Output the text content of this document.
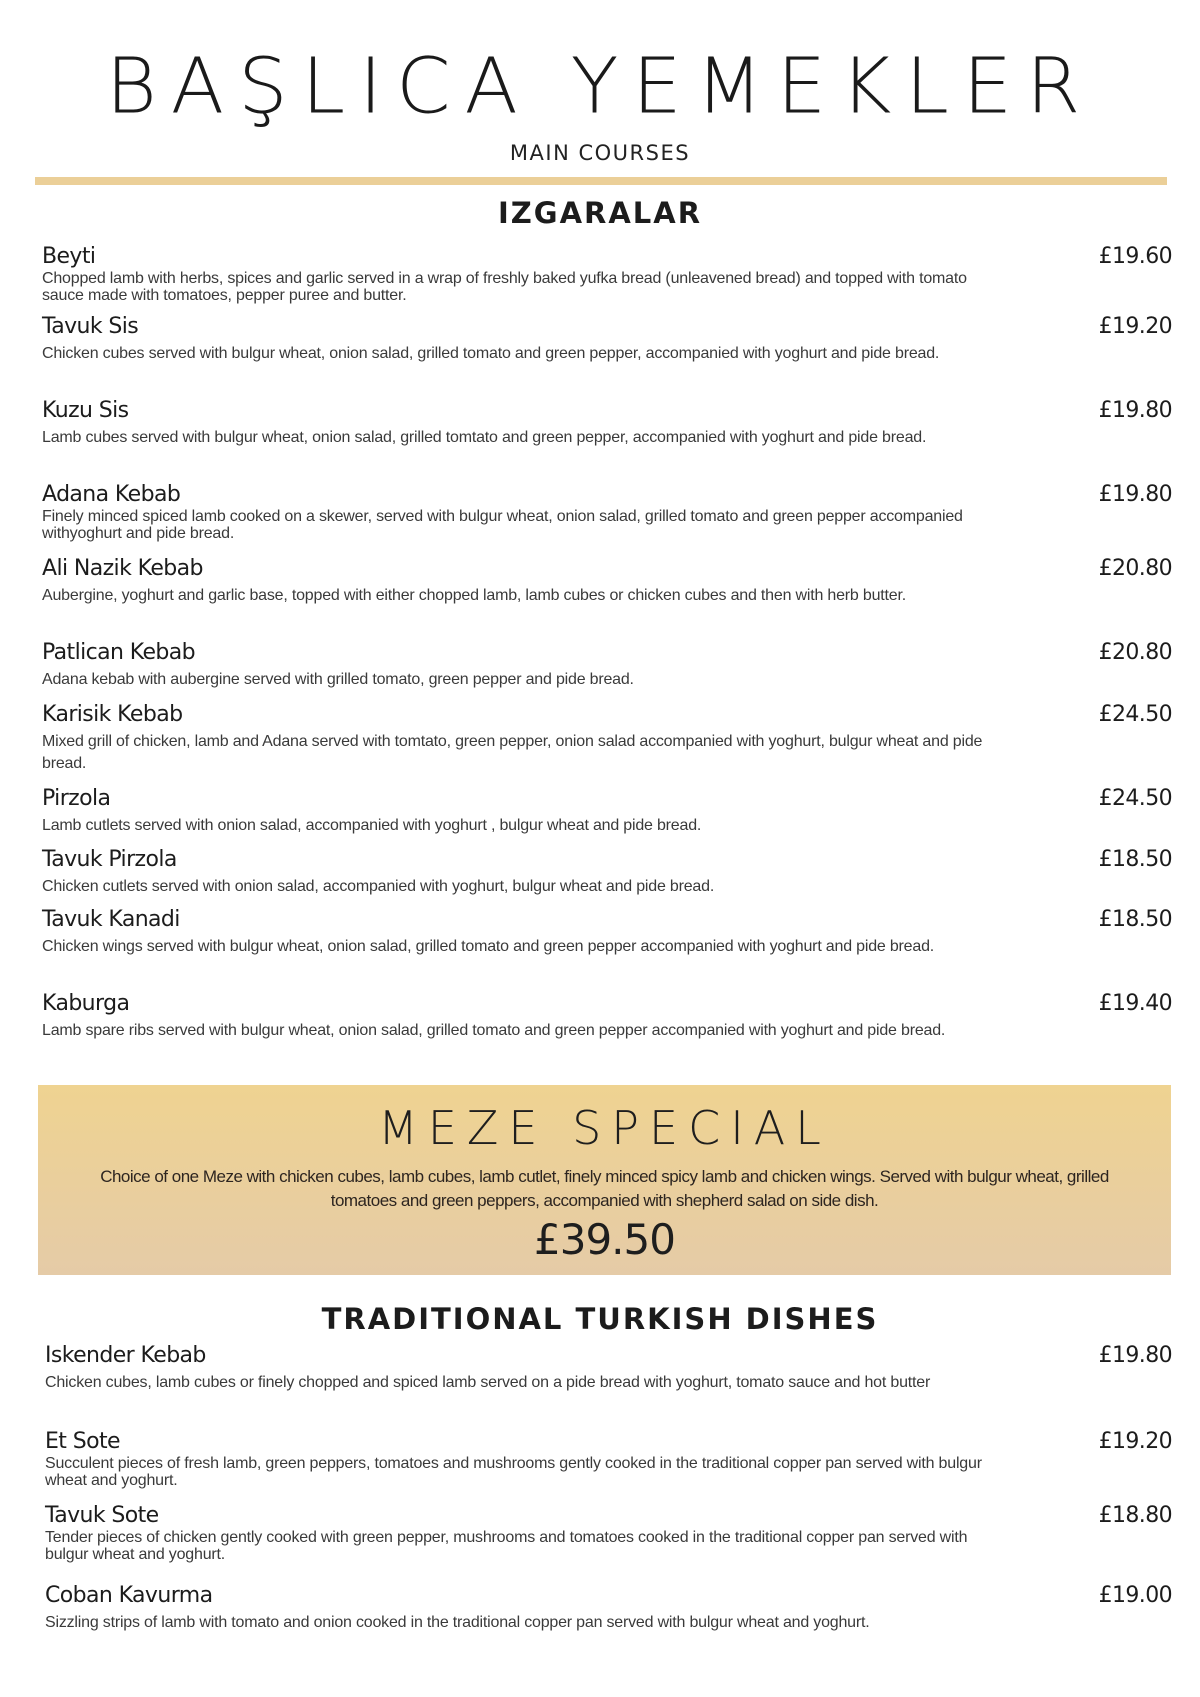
BAŞLICA YEMEKLER
MAIN COURSES
IZGARALAR
Beyti
Chopped lamb with herbs, spices and garlic served in a wrap of freshly baked yufka bread (unleavened bread) and topped with tomato sauce made with tomatoes, pepper puree and butter.
£19.60
Tavuk Sis
Chicken cubes served with bulgur wheat, onion salad, grilled tomato and green pepper, accompanied with yoghurt and pide bread.
£19.20
Kuzu Sis
Lamb cubes served with bulgur wheat, onion salad, grilled tomtato and green pepper, accompanied with yoghurt and pide bread.
£19.80
Adana Kebab
Finely minced spiced lamb cooked on a skewer, served with bulgur wheat, onion salad, grilled tomato and green pepper accompanied withyoghurt and pide bread.
£19.80
Ali Nazik Kebab
Aubergine, yoghurt and garlic base, topped with either chopped lamb, lamb cubes or chicken cubes and then with herb butter.
£20.80
Patlican Kebab
Adana kebab with aubergine served with grilled tomato, green pepper and pide bread.
£20.80
Karisik Kebab
Mixed grill of chicken, lamb and Adana served with tomtato, green pepper, onion salad accompanied with yoghurt, bulgur wheat and pide bread.
£24.50
Pirzola
Lamb cutlets served with onion salad, accompanied with yoghurt , bulgur wheat and pide bread.
£24.50
Tavuk Pirzola
Chicken cutlets served with onion salad, accompanied with yoghurt, bulgur wheat and pide bread.
£18.50
Tavuk Kanadi
Chicken wings served with bulgur wheat, onion salad, grilled tomato and green pepper accompanied with yoghurt and pide bread.
£18.50
Kaburga
Lamb spare ribs served with bulgur wheat, onion salad, grilled tomato and green pepper accompanied with yoghurt and pide bread.
£19.40
MEZE SPECIAL
Choice of one Meze with chicken cubes, lamb cubes, lamb cutlet, finely minced spicy lamb and chicken wings. Served with bulgur wheat, grilled tomatoes and green peppers, accompanied with shepherd salad on side dish.
£39.50
TRADITIONAL TURKISH DISHES
Iskender Kebab
Chicken cubes, lamb cubes or finely chopped and spiced lamb served on a pide bread with yoghurt, tomato sauce and hot butter
£19.80
Et Sote
Succulent pieces of fresh lamb, green peppers, tomatoes and mushrooms gently cooked in the traditional copper pan served with bulgur wheat and yoghurt.
£19.20
Tavuk Sote
Tender pieces of chicken gently cooked with green pepper, mushrooms and tomatoes cooked in the traditional copper pan served with bulgur wheat and yoghurt.
£18.80
Coban Kavurma
Sizzling strips of lamb with tomato and onion cooked in the traditional copper pan served with bulgur wheat and yoghurt.
£19.00
